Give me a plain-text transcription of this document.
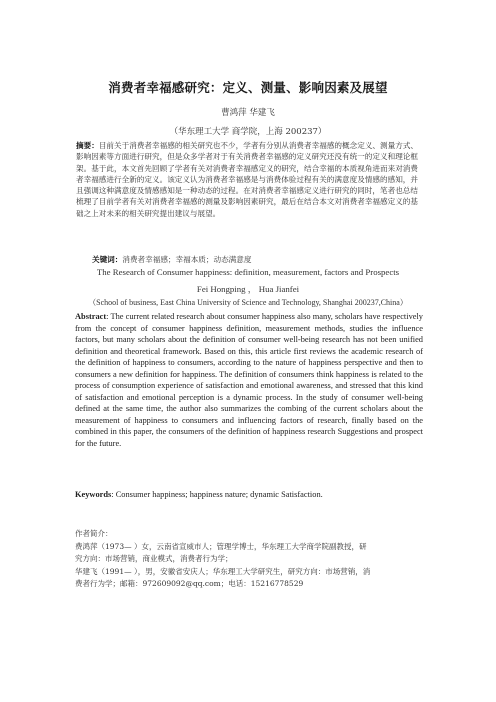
消费者幸福感研究：定义、测量、影响因素及展望
曹鸿萍 华建飞
（华东理工大学 商学院，上海 200237）
摘要：目前关于消费者幸福感的相关研究也不少，学者有分别从消费者幸福感的概念定义、测量方式、影响因素等方面进行研究，但是众多学者对于有关消费者幸福感的定义研究还没有统一的定义和理论框架。基于此，本文首先回顾了学者有关对消费者幸福感定义的研究，结合幸福的本质视角进而来对消费者幸福感进行全新的定义。该定义认为消费者幸福感是与消费体验过程有关的满意度及情感的感知，并且强调这种满意度及情感感知是一种动态的过程。在对消费者幸福感定义进行研究的同时，笔者也总结梳理了目前学者有关对消费者幸福感的测量及影响因素研究，最后在结合本文对消费者幸福感定义的基础之上对未来的相关研究提出建议与展望。
关键词：消费者幸福感；幸福本质；动态满意度
The Research of Consumer happiness: definition, measurement, factors and Prospects
Fei Hongping ， Hua Jianfei
（School of business, East China University of Science and Technology, Shanghai 200237,China）
Abstract: The current related research about consumer happiness also many, scholars have respectively from the concept of consumer happiness definition, measurement methods, studies the influence factors, but many scholars about the definition of consumer well-being research has not been unified definition and theoretical framework. Based on this, this article first reviews the academic research of the definition of happiness to consumers, according to the nature of happiness perspective and then to consumers a new definition for happiness. The definition of consumers think happiness is related to the process of consumption experience of satisfaction and emotional awareness, and stressed that this kind of satisfaction and emotional perception is a dynamic process. In the study of consumer well-being defined at the same time, the author also summarizes the combing of the current scholars about the measurement of happiness to consumers and influencing factors of research, finally based on the combined in this paper, the consumers of the definition of happiness research Suggestions and prospect for the future.
Keywords: Consumer happiness; happiness nature; dynamic Satisfaction.
作者简介：
费鸿萍（1973— ）女，云南省宣威市人；管理学博士，华东理工大学商学院副教授，研
究方向：市场营销，商业模式，消费者行为学；
华建飞（1991— ），男，安徽省安庆人；华东理工大学研究生，研究方向：市场营销，消
费者行为学；邮箱：972609092@qq.com；电话：15216778529
